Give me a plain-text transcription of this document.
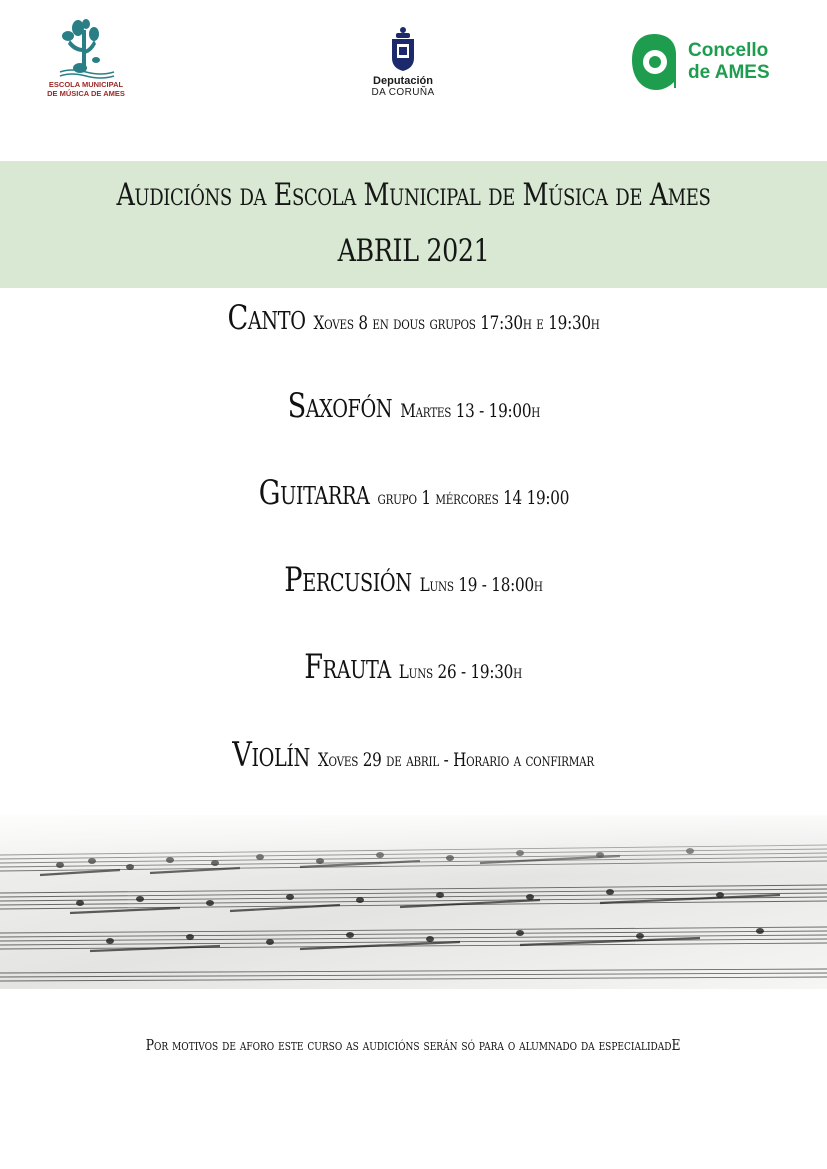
ESCOLA MUNICIPAL
DE MÚSICA DE AMES
Deputación
DA CORUÑA
Concello
de AMES
Audicións da Escola Municipal de Música de Ames
ABRIL 2021
Canto Xoves 8 en dous grupos 17:30h e 19:30h
Saxofón Martes 13 - 19:00h
Guitarra grupo 1 mércores 14 19:00
Percusión Luns 19 - 18:00h
Frauta Luns 26 - 19:30h
Violín Xoves 29 de abril - Horario a confirmar
Por motivos de aforo este curso as audicións serán só para o alumnado da especialidadE
